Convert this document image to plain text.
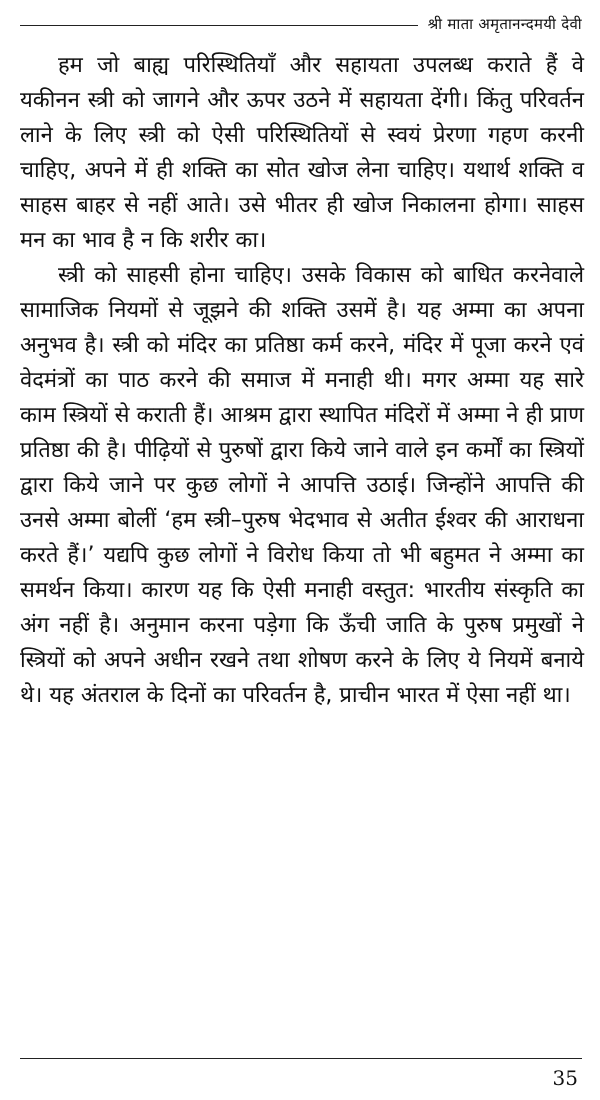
श्री माता अमृतानन्दमयी देवी

हम जो बाह्य परिस्थितियाँ और सहायता उपलब्ध कराते हैं वे यकीनन स्त्री को जागने और ऊपर उठने में सहायता देंगी। किंतु परिवर्तन लाने के लिए स्त्री को ऐसी परिस्थितियों से स्वयं प्रेरणा गहण करनी चाहिए, अपने में ही शक्ति का सोत खोज लेना चाहिए। यथार्थ शक्ति व साहस बाहर से नहीं आते। उसे भीतर ही खोज निकालना होगा। साहस मन का भाव है न कि शरीर का।

स्त्री को साहसी होना चाहिए। उसके विकास को बाधित करनेवाले सामाजिक नियमों से जूझने की शक्ति उसमें है। यह अम्मा का अपना अनुभव है। स्त्री को मंदिर का प्रतिष्ठा कर्म करने, मंदिर में पूजा करने एवं वेदमंत्रों का पाठ करने की समाज में मनाही थी। मगर अम्मा यह सारे काम स्त्रियों से कराती हैं। आश्रम द्वारा स्थापित मंदिरों में अम्मा ने ही प्राण प्रतिष्ठा की है। पीढ़ियों से पुरुषों द्वारा किये जाने वाले इन कर्मों का स्त्रियों द्वारा किये जाने पर कुछ लोगों ने आपत्ति उठाई। जिन्होंने आपत्ति की उनसे अम्मा बोलीं ‘हम स्त्री–पुरुष भेदभाव से अतीत ईश्वर की आराधना करते हैं।’ यद्यपि कुछ लोगों ने विरोध किया तो भी बहुमत ने अम्मा का समर्थन किया। कारण यह कि ऐसी मनाही वस्तुत: भारतीय संस्कृति का अंग नहीं है। अनुमान करना पड़ेगा कि ऊँची जाति के पुरुष प्रमुखों ने स्त्रियों को अपने अधीन रखने तथा शोषण करने के लिए ये नियमें बनाये थे। यह अंतराल के दिनों का परिवर्तन है, प्राचीन भारत में ऐसा नहीं था।

35
